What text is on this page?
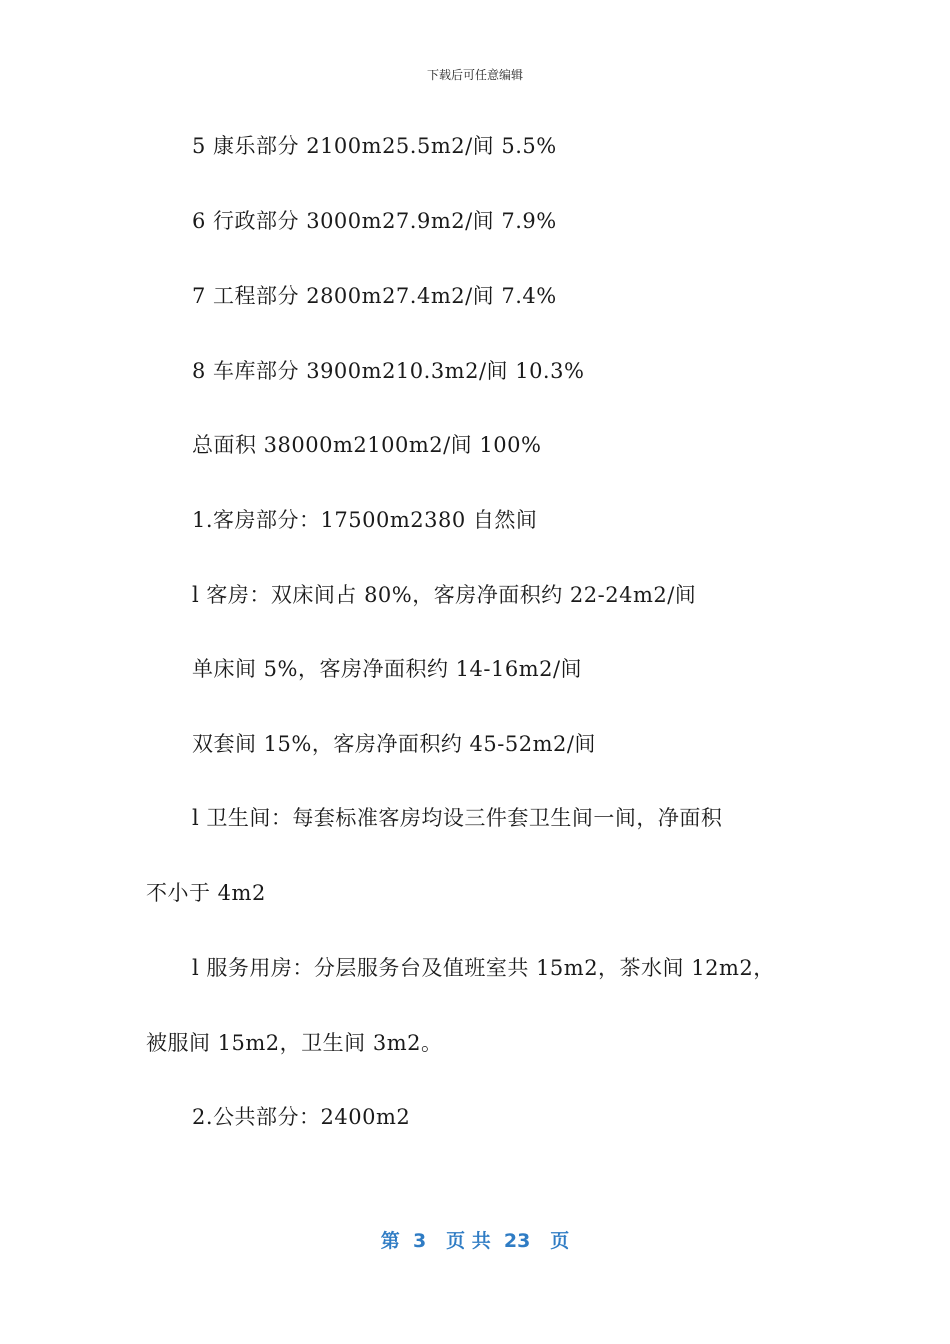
下载后可任意编辑
5 康乐部分 2100m25.5m2/间 5.5%
6 行政部分 3000m27.9m2/间 7.9%
7 工程部分 2800m27.4m2/间 7.4%
8 车库部分 3900m210.3m2/间 10.3%
总面积 38000m2100m2/间 100%
1.客房部分：17500m2380 自然间
l 客房：双床间占 80%，客房净面积约 22-24m2/间
单床间 5%，客房净面积约 14-16m2/间
双套间 15%，客房净面积约 45-52m2/间
l 卫生间：每套标准客房均设三件套卫生间一间，净面积
不小于 4m2
l 服务用房：分层服务台及值班室共 15m2，茶水间 12m2，
被服间 15m2，卫生间 3m2。
2.公共部分：2400m2
第  3   页 共  23   页
